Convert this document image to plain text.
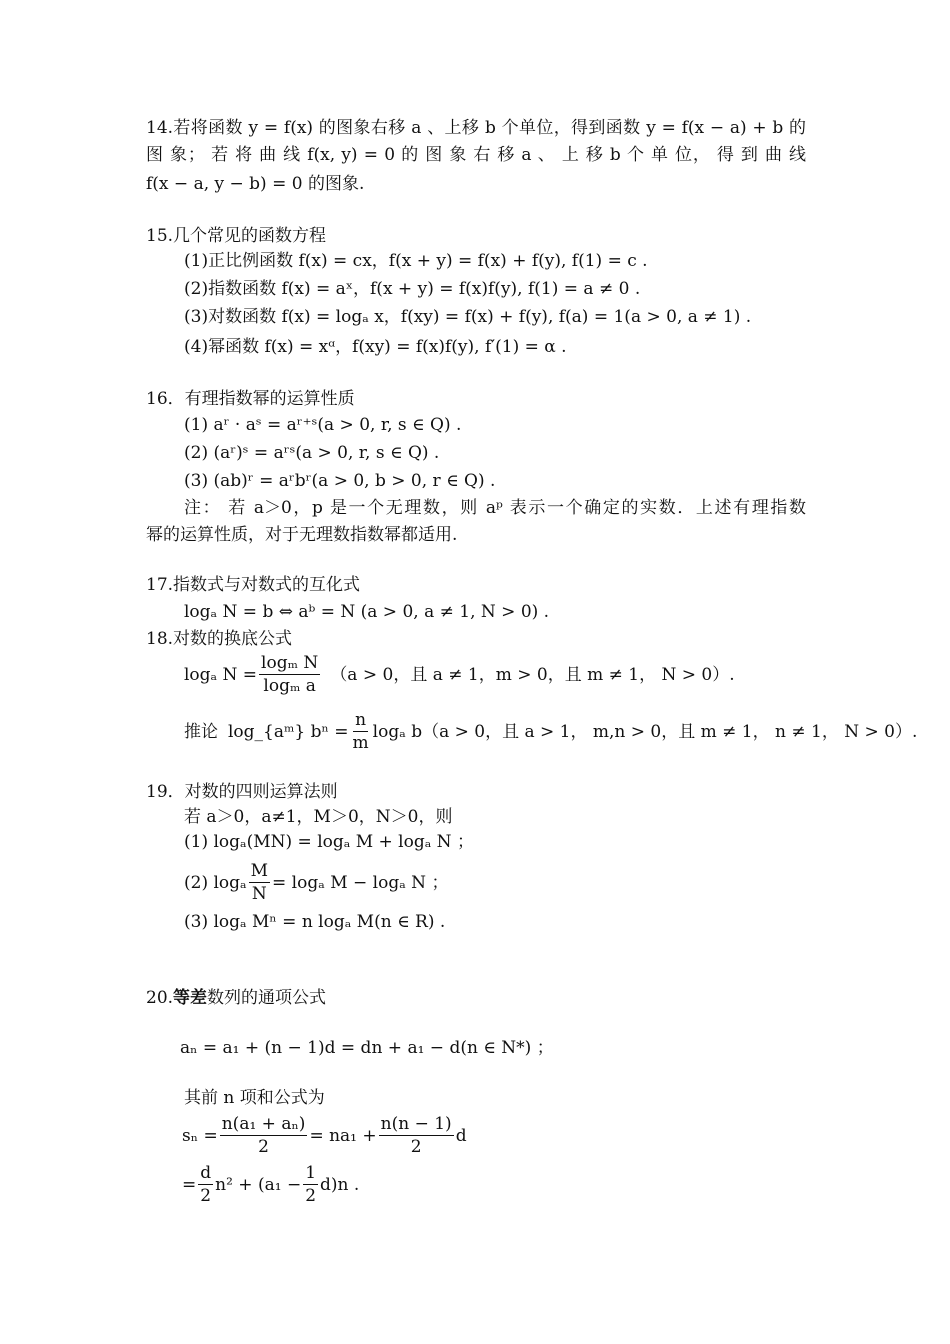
14.若将函数 y = f(x) 的图象右移 a 、上移 b 个单位，得到函数 y = f(x − a) + b 的
图 象； 若 将 曲 线 f(x, y) = 0 的 图 象 右 移 a 、 上 移 b 个 单 位， 得 到 曲 线
f(x − a, y − b) = 0 的图象.
15.几个常见的函数方程
(1)正比例函数 f(x) = cx，f(x + y) = f(x) + f(y), f(1) = c .
(2)指数函数 f(x) = aˣ，f(x + y) = f(x)f(y), f(1) = a ≠ 0 .
(3)对数函数 f(x) = logₐ x，f(xy) = f(x) + f(y), f(a) = 1(a > 0, a ≠ 1) .
(4)幂函数 f(x) = xᵅ，f(xy) = f(x)f(y), f′(1) = α .
16．有理指数幂的运算性质
(1) aʳ · aˢ = aʳ⁺ˢ(a > 0, r, s ∈ Q) .
(2) (aʳ)ˢ = aʳˢ(a > 0, r, s ∈ Q) .
(3) (ab)ʳ = aʳbʳ(a > 0, b > 0, r ∈ Q) .
注： 若 a＞0，p 是一个无理数，则 aᵖ 表示一个确定的实数．上述有理指数
幂的运算性质，对于无理数指数幂都适用.
17.指数式与对数式的互化式
logₐ N = b ⇔ aᵇ = N (a > 0, a ≠ 1, N > 0) .
18.对数的换底公式
logₐ $N = \frac{\text{logₘ N}}{\text{logₘ a}} (a > 0$，且 a ≠ 1，m > 0，且 m ≠ 1， N > 0）.
推论 log_{aᵐ} $b^n = \frac{n}{m}$ logₐ b（a > 0，且 a > 1， m,n > 0，且 m ≠ 1， n ≠ 1， N > 0）.
19．对数的四则运算法则
若 a＞0，a≠1，M＞0，N＞0，则
(1) logₐ(MN) = logₐ M + logₐ N ；
(2) logₐ $\frac{M}{N} = \log_a$ M − logₐ N ；
(3) logₐ Mⁿ = n logₐ M(n ∈ R) .
20.等差数列的通项公式
aₙ = a₁ + (n − 1)d = dn + a₁ − d(n ∈ N*) ；
其前 n 项和公式为
$s_n = \frac{\text{n(a₁ + aₙ)}}{2} = na_1 + \frac{n(n - 1)}{2}$ d
= $\frac{d}{2} n^2 + (a_1 - \frac{1}{2} d)n$ .
